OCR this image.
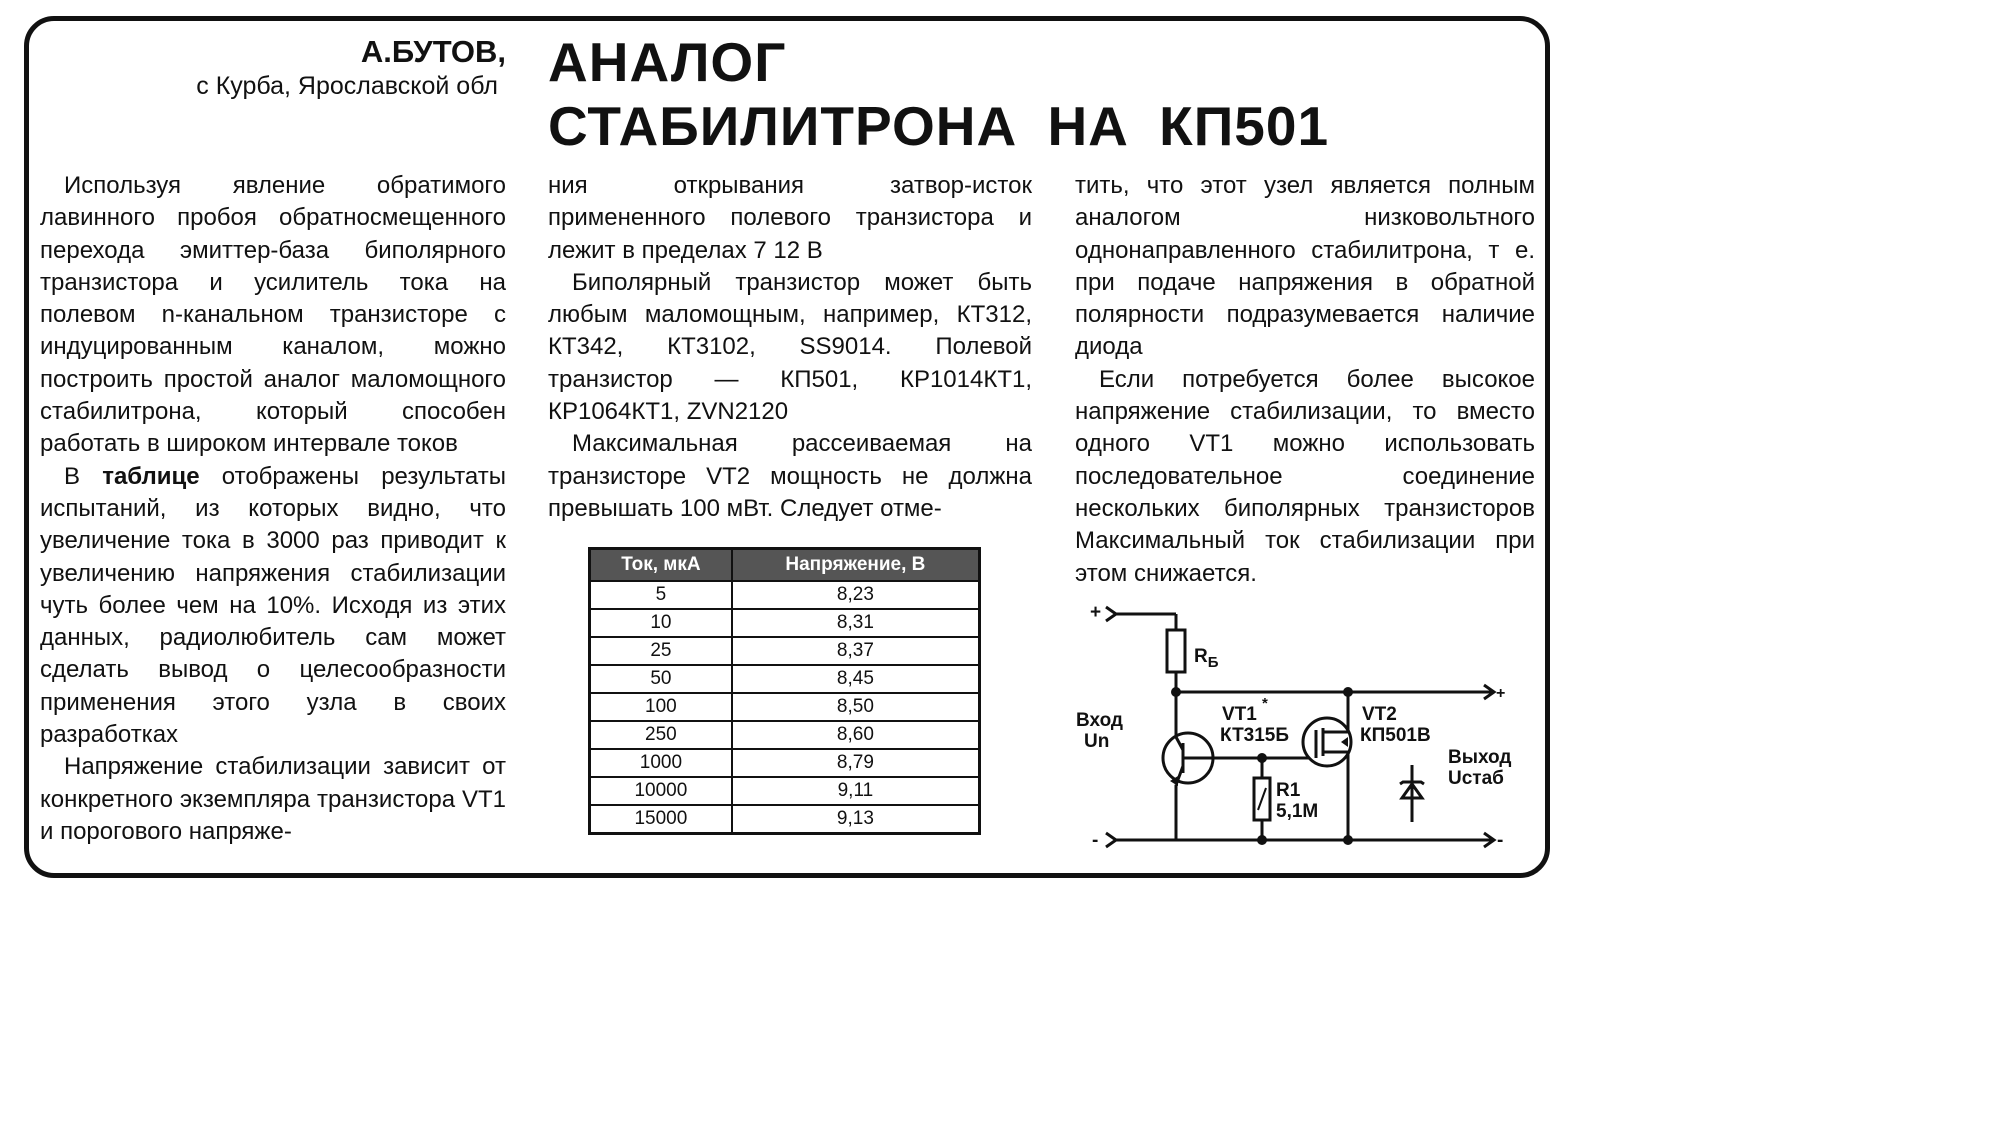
А.БУТОВ,
с Курба, Ярославской обл АНАЛОГ
СТАБИЛИТРОНА НА КП501

Используя явление обратимого лавинного пробоя обратносмещенного перехода эмиттер-база биполярного транзистора и усилитель тока на полевом n-канальном транзисторе с индуцированным каналом, можно построить простой аналог маломощного стабилитрона, который способен работать в широком интервале токов

В таблице отображены результаты испытаний, из которых видно, что увеличение тока в 3000 раз приводит к увеличению напряжения стабилизации чуть более чем на 10%. Исходя из этих данных, радиолюбитель сам может сделать вывод о целесообразности применения этого узла в своих разработках

Напряжение стабилизации зависит от конкретного экземпляра транзистора VT1 и порогового напряже-

ния открывания затвор-исток примененного полевого транзистора и лежит в пределах 7 12 В

Биполярный транзистор может быть любым маломощным, например, КТ312, КТ342, КТ3102, SS9014. Полевой транзистор — КП501, КР1014КТ1, КР1064КТ1, ZVN2120

Максимальная рассеиваемая на транзисторе VT2 мощность не должна превышать 100 мВт. Следует отме-

тить, что этот узел является полным аналогом низковольтного однонаправленного стабилитрона, т е. при подаче напряжения в обратной полярности подразумевается наличие диода

Если потребуется более высокое напряжение стабилизации, то вместо одного VT1 можно использовать последовательное соединение нескольких биполярных транзисторов Максимальный ток стабилизации при этом снижается.

Ток, мкА	Напряжение, В
5	8,23
10	8,31
25	8,37
50	8,45
100	8,50
250	8,60
1000	8,79
10000	9,11
15000	9,13
+
-
+
-
$R_Б$
Вход
Un
VT1
*
КТ315Б
VT2
КП501В
Выход
Uстаб
R1
5,1М
